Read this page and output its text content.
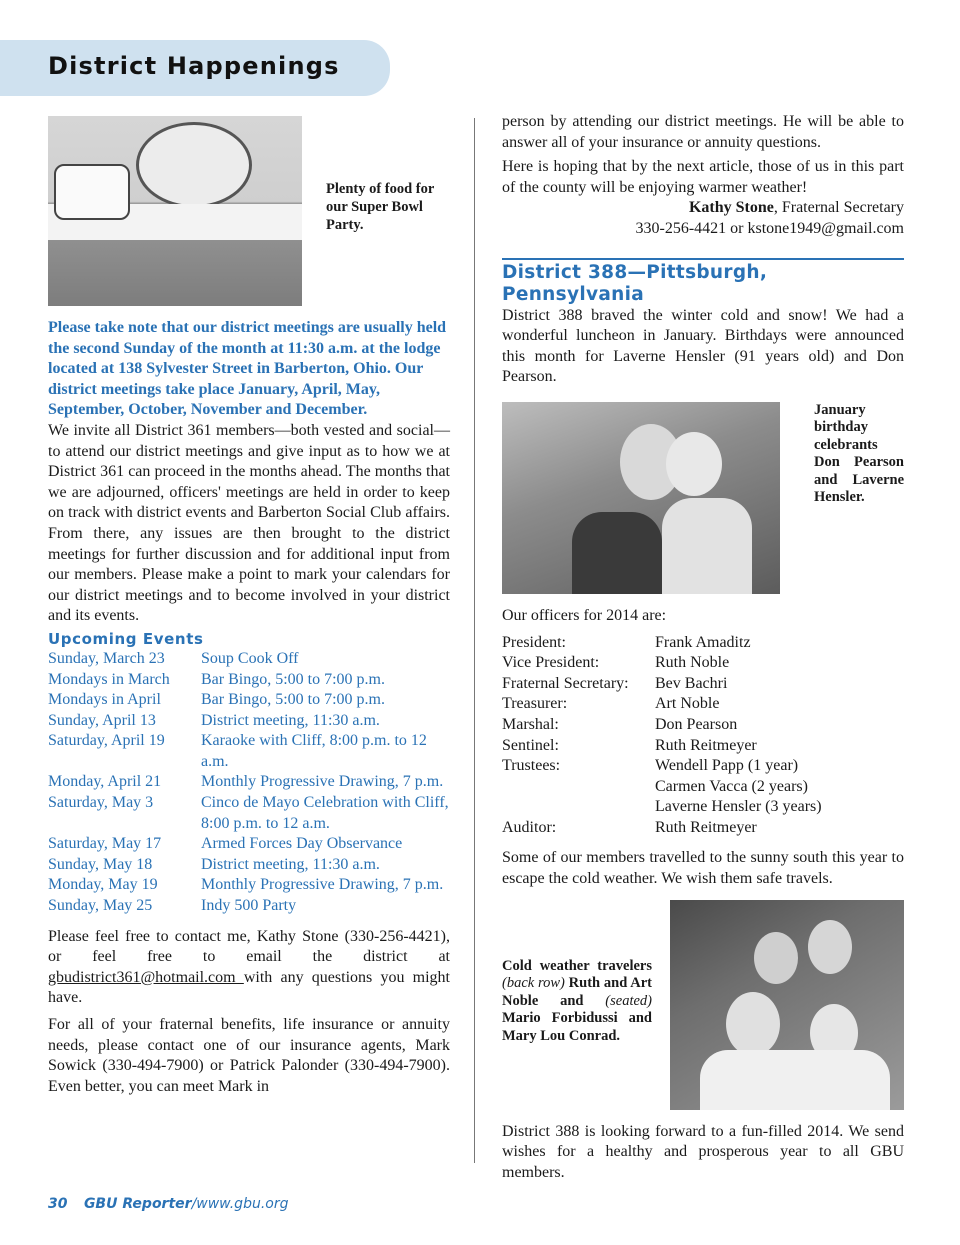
District Happenings

Plenty of food for our Super Bowl Party.

Please take note that our district meetings are usually held the second Sunday of the month at 11:30 a.m. at the lodge located at 138 Sylvester Street in Barberton, Ohio. Our district meetings take place January, April, May, September, October, November and December.

We invite all District 361 members—both vested and social—to attend our district meetings and give input as to how we at District 361 can proceed in the months ahead. The months that we are adjourned, officers' meetings are held in order to keep on track with district events and Barberton Social Club affairs. From there, any issues are then brought to the district meetings for further discussion and for additional input from our members. Please make a point to mark your calendars for our district meetings and to become involved in your district and its events.

Upcoming Events

Sunday, March 23	Soup Cook Off
Mondays in March	Bar Bingo, 5:00 to 7:00 p.m.
Mondays in April	Bar Bingo, 5:00 to 7:00 p.m.
Sunday, April 13	District meeting, 11:30 a.m.
Saturday, April 19	Karaoke with Cliff, 8:00 p.m. to 12 a.m.
Monday, April 21	Monthly Progressive Drawing, 7 p.m.
Saturday, May 3	Cinco de Mayo Celebration with Cliff, 8:00 p.m. to 12 a.m.
Saturday, May 17	Armed Forces Day Observance
Sunday, May 18	District meeting, 11:30 a.m.
Monday, May 19	Monthly Progressive Drawing, 7 p.m.
Sunday, May 25	Indy 500 Party

Please feel free to contact me, Kathy Stone (330-256-4421), or feel free to email the district at gbudistrict361@hotmail.com with any questions you might have.

For all of your fraternal benefits, life insurance or annuity needs, please contact one of our insurance agents, Mark Sowick (330-494-7900) or Patrick Palonder (330-494-7900). Even better, you can meet Mark in

person by attending our district meetings. He will be able to answer all of your insurance or annuity questions.

Here is hoping that by the next article, those of us in this part of the county will be enjoying warmer weather!

Kathy Stone, Fraternal Secretary

330-256-4421 or kstone1949@gmail.com

District 388—Pittsburgh, Pennsylvania

District 388 braved the winter cold and snow! We had a wonderful luncheon in January. Birthdays were announced this month for Laverne Hensler (91 years old) and Don Pearson.

January birthday celebrants Don Pearson and Laverne Hensler.

Our officers for 2014 are:

President:	Frank Amaditz
Vice President:	Ruth Noble
Fraternal Secretary:	Bev Bachri
Treasurer:	Art Noble
Marshal:	Don Pearson
Sentinel:	Ruth Reitmeyer
Trustees:	Wendell Papp (1 year)
	Carmen Vacca (2 years)
	Laverne Hensler (3 years)
Auditor:	Ruth Reitmeyer

Some of our members travelled to the sunny south this year to escape the cold weather. We wish them safe travels.

Cold weather travelers (back row) Ruth and Art Noble and (seated) Mario Forbidussi and Mary Lou Conrad.

District 388 is looking forward to a fun-filled 2014. We send wishes for a healthy and prosperous year to all GBU members.

30 GBU Reporter/www.gbu.org
